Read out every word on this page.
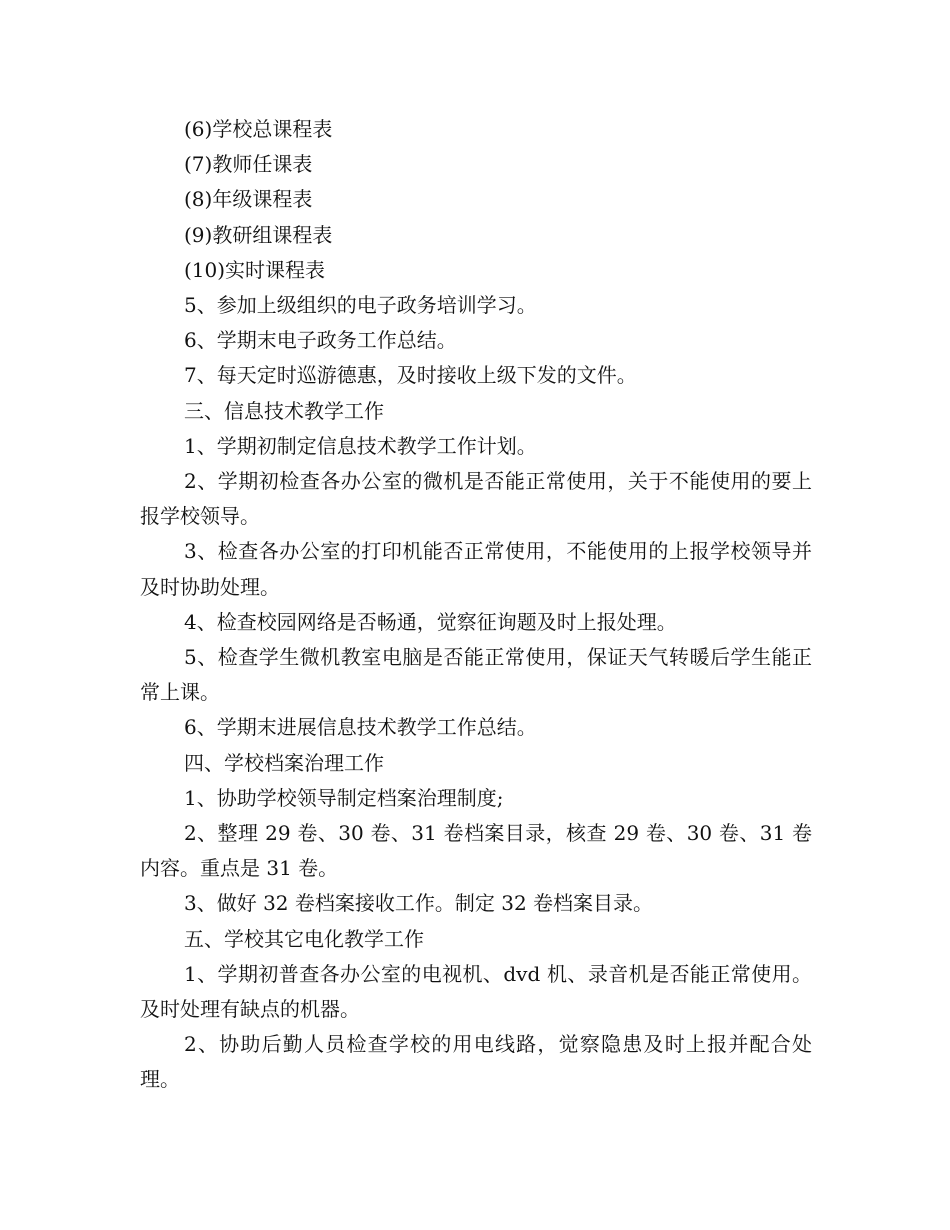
(6)学校总课程表

(7)教师任课表

(8)年级课程表

(9)教研组课程表

(10)实时课程表

5、参加上级组织的电子政务培训学习。

6、学期末电子政务工作总结。

7、每天定时巡游德惠，及时接收上级下发的文件。

三、信息技术教学工作

1、学期初制定信息技术教学工作计划。

2、学期初检查各办公室的微机是否能正常使用，关于不能使用的要上报学校领导。

3、检查各办公室的打印机能否正常使用，不能使用的上报学校领导并及时协助处理。

4、检查校园网络是否畅通，觉察征询题及时上报处理。

5、检查学生微机教室电脑是否能正常使用，保证天气转暖后学生能正常上课。

6、学期末进展信息技术教学工作总结。

四、学校档案治理工作

1、协助学校领导制定档案治理制度;

2、整理 29 卷、30 卷、31 卷档案目录，核查 29 卷、30 卷、31 卷内容。重点是 31 卷。

3、做好 32 卷档案接收工作。制定 32 卷档案目录。

五、学校其它电化教学工作

1、学期初普查各办公室的电视机、dvd 机、录音机是否能正常使用。及时处理有缺点的机器。

2、协助后勤人员检查学校的用电线路，觉察隐患及时上报并配合处理。
